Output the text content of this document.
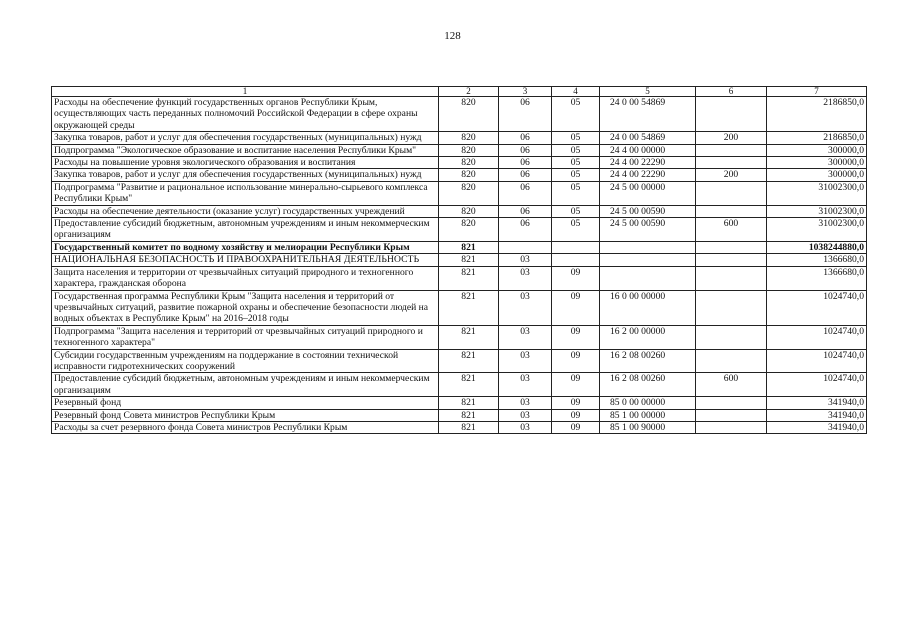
128
1	2	3	4	5	6	7
Расходы на обеспечение функций государственных органов Республики Крым, осуществляющих часть переданных полномочий Российской Федерации в сфере охраны окружающей среды	820	06	05	24 0 00 54869		2186850,0
Закупка товаров, работ и услуг для обеспечения государственных (муниципальных) нужд	820	06	05	24 0 00 54869	200	2186850,0
Подпрограмма "Экологическое образование и воспитание населения Республики Крым"	820	06	05	24 4 00 00000		300000,0
Расходы на повышение уровня экологического образования и воспитания	820	06	05	24 4 00 22290		300000,0
Закупка товаров, работ и услуг для обеспечения государственных (муниципальных) нужд	820	06	05	24 4 00 22290	200	300000,0
Подпрограмма "Развитие и рациональное использование минерально-сырьевого комплекса Республики Крым"	820	06	05	24 5 00 00000		31002300,0
Расходы на обеспечение деятельности (оказание услуг) государственных учреждений	820	06	05	24 5 00 00590		31002300,0
Предоставление субсидий бюджетным, автономным учреждениям и иным некоммерческим организациям	820	06	05	24 5 00 00590	600	31002300,0
Государственный комитет по водному хозяйству и мелиорации Республики Крым	821					1038244880,0
НАЦИОНАЛЬНАЯ БЕЗОПАСНОСТЬ И ПРАВООХРАНИТЕЛЬНАЯ ДЕЯТЕЛЬНОСТЬ	821	03				1366680,0
Защита населения и территории от чрезвычайных ситуаций природного и техногенного характера, гражданская оборона	821	03	09			1366680,0
Государственная программа Республики Крым "Защита населения и территорий от чрезвычайных ситуаций, развитие пожарной охраны и обеспечение безопасности людей на водных объектах в Республике Крым" на 2016–2018 годы	821	03	09	16 0 00 00000		1024740,0
Подпрограмма "Защита населения и территорий от чрезвычайных ситуаций природного и техногенного характера"	821	03	09	16 2 00 00000		1024740,0
Субсидии государственным учреждениям на поддержание в состоянии технической исправности гидротехнических сооружений	821	03	09	16 2 08 00260		1024740,0
Предоставление субсидий бюджетным, автономным учреждениям и иным некоммерческим организациям	821	03	09	16 2 08 00260	600	1024740,0
Резервный фонд	821	03	09	85 0 00 00000		341940,0
Резервный фонд Совета министров Республики Крым	821	03	09	85 1 00 00000		341940,0
Расходы за счет резервного фонда Совета министров Республики Крым	821	03	09	85 1 00 90000		341940,0
